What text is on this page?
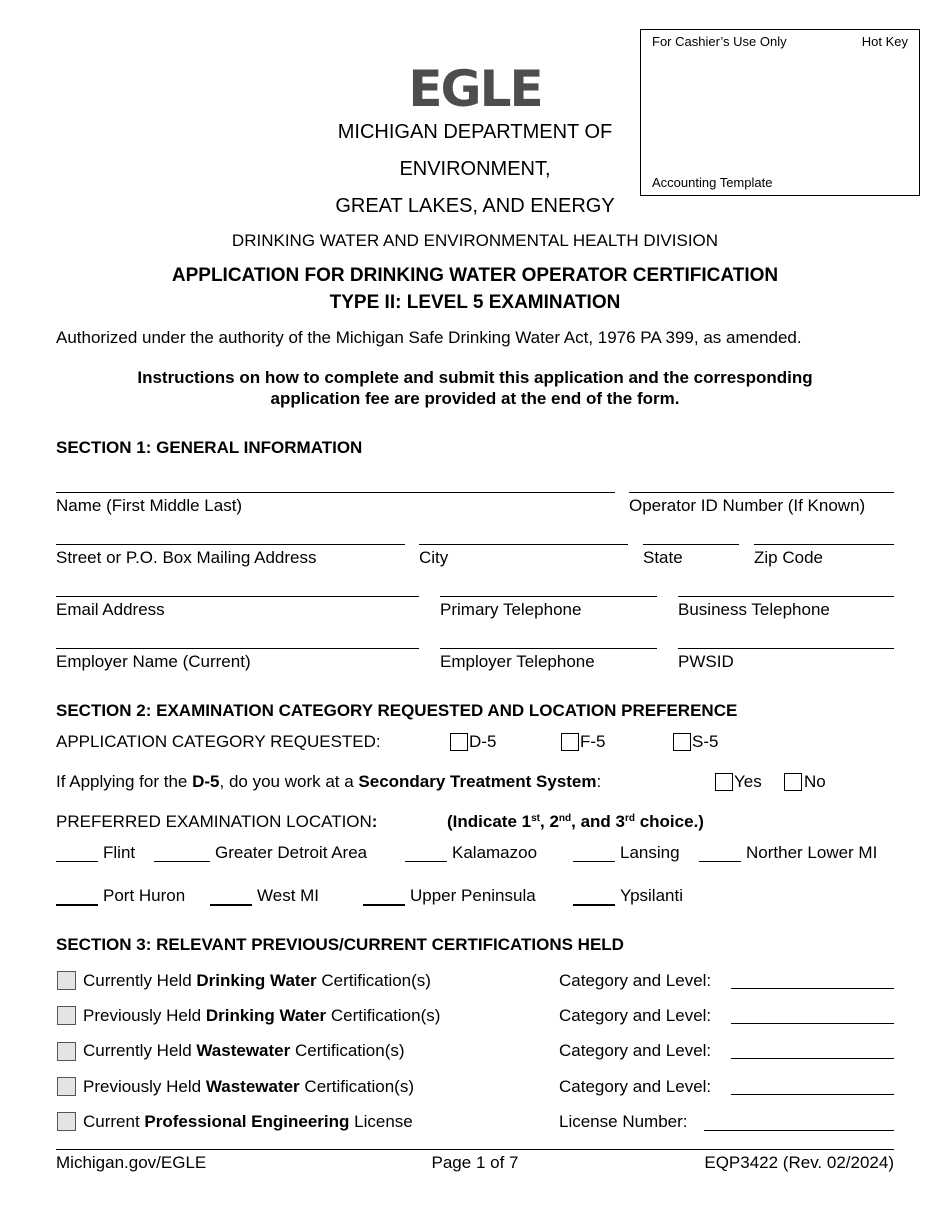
For Cashier’s Use Only	Hot Key
Accounting Template
EGLE
MICHIGAN DEPARTMENT OF
ENVIRONMENT,
GREAT LAKES, AND ENERGY
DRINKING WATER AND ENVIRONMENTAL HEALTH DIVISION
APPLICATION FOR DRINKING WATER OPERATOR CERTIFICATION
TYPE II: LEVEL 5 EXAMINATION
Authorized under the authority of the Michigan Safe Drinking Water Act, 1976 PA 399, as amended.
Instructions on how to complete and submit this application and the corresponding
application fee are provided at the end of the form.
SECTION 1: GENERAL INFORMATION
Name (First Middle Last)	Operator ID Number (If Known)
Street or P.O. Box Mailing Address	City	State	Zip Code
Email Address	Primary Telephone	Business Telephone
Employer Name (Current)	Employer Telephone	PWSID
SECTION 2: EXAMINATION CATEGORY REQUESTED AND LOCATION PREFERENCE
APPLICATION CATEGORY REQUESTED:	D-5	F-5	S-5
If Applying for the D-5, do you work at a Secondary Treatment System:	Yes No
PREFERRED EXAMINATION LOCATION:	(Indicate 1st, 2nd, and 3rd choice.)
Flint	Greater Detroit Area	Kalamazoo	Lansing	Norther Lower MI
Port Huron	West MI	Upper Peninsula	Ypsilanti
SECTION 3: RELEVANT PREVIOUS/CURRENT CERTIFICATIONS HELD
Currently Held Drinking Water Certification(s)	Category and Level:
Previously Held Drinking Water Certification(s)	Category and Level:
Currently Held Wastewater Certification(s)	Category and Level:
Previously Held Wastewater Certification(s)	Category and Level:
Current Professional Engineering License	License Number:
Michigan.gov/EGLE	Page 1 of 7	EQP3422 (Rev. 02/2024)
